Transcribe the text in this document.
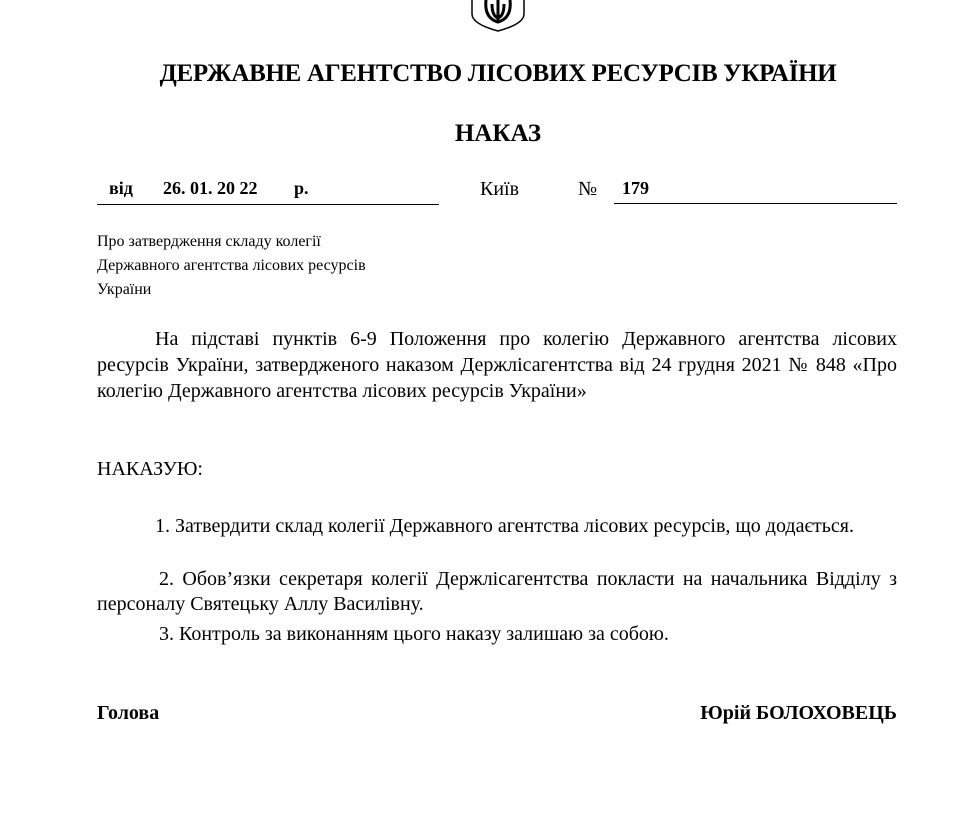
ДЕРЖАВНЕ АГЕНТСТВО ЛІСОВИХ РЕСУРСІВ УКРАЇНИ
НАКАЗ
від 26. 01. 20 22 р.	Київ	№	179
Про затвердження складу колегії
Державного агентства лісових ресурсів
України
На підставі пунктів 6-9 Положення про колегію Державного агентства лісових ресурсів України, затвердженого наказом Держлісагентства від 24 грудня 2021 № 848 «Про колегію Державного агентства лісових ресурсів України»
НАКАЗУЮ:
1. Затвердити склад колегії Державного агентства лісових ресурсів, що додається.
2. Обов’язки секретаря колегії Держлісагентства покласти на начальника Відділу з персоналу Святецьку Аллу Василівну.
3. Контроль за виконанням цього наказу залишаю за собою.
Голова	Юрій БОЛОХОВЕЦЬ
